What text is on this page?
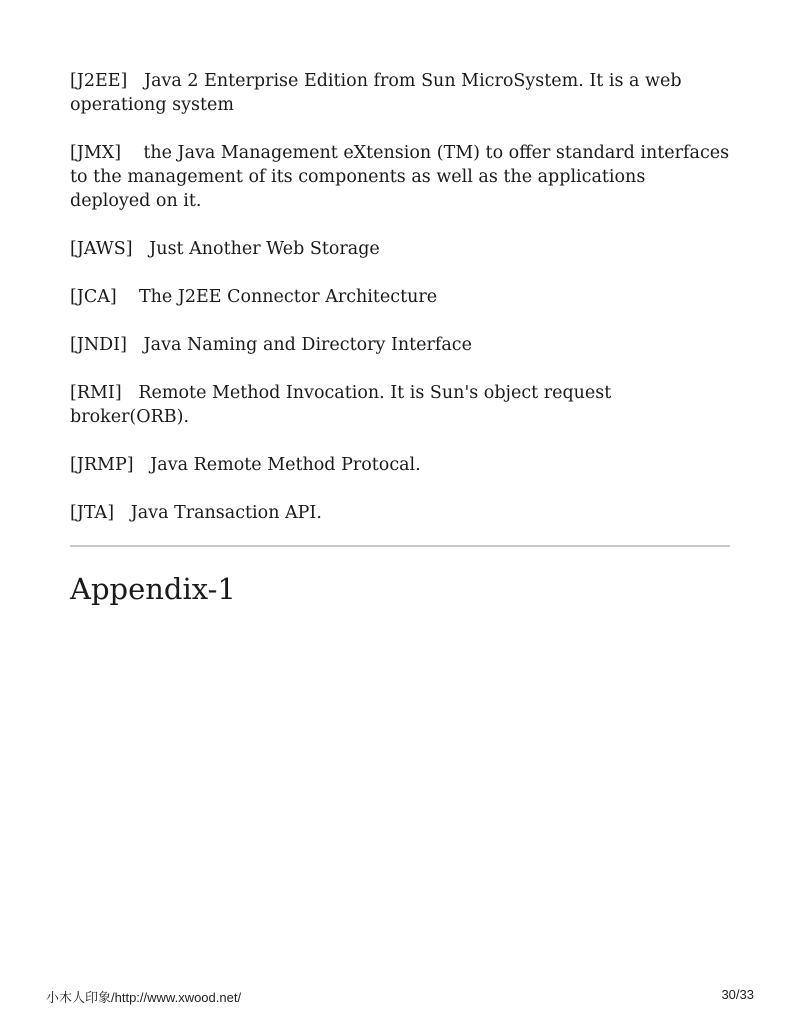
[J2EE] Java 2 Enterprise Edition from Sun MicroSystem. It is a web operationg system

[JMX] the Java Management eXtension (TM) to offer standard interfaces to the management of its components as well as the applications deployed on it.

[JAWS] Just Another Web Storage

[JCA] The J2EE Connector Architecture

[JNDI] Java Naming and Directory Interface

[RMI] Remote Method Invocation. It is Sun's object request broker(ORB).

[JRMP] Java Remote Method Protocal.

[JTA] Java Transaction API.

Appendix-1
小木人印象/http://www.xwood.net/	30/33
